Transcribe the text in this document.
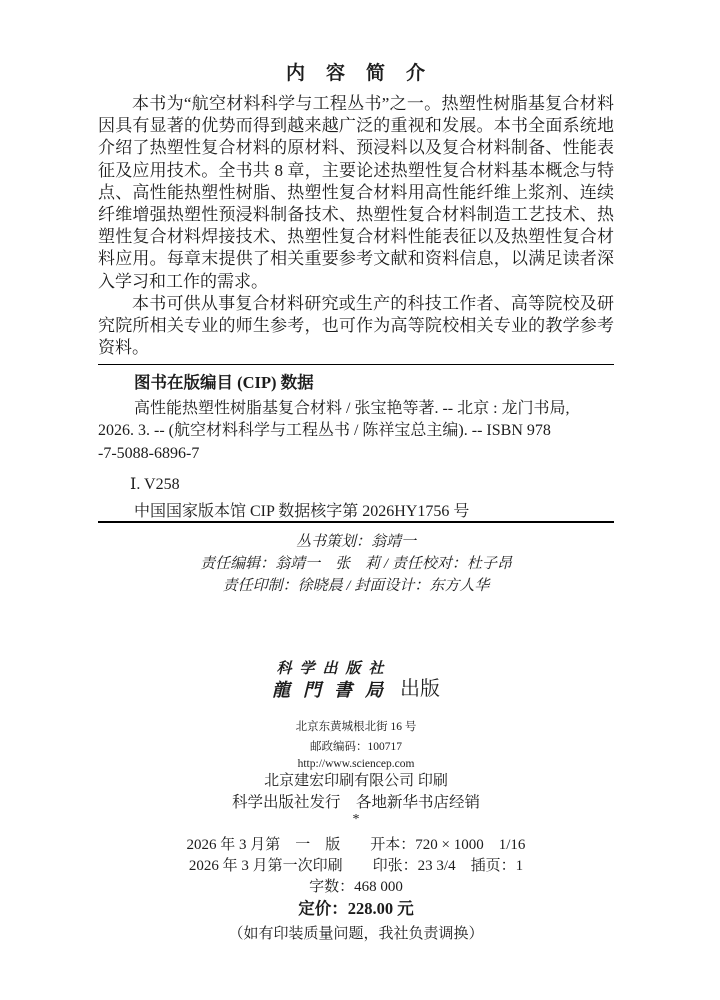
内　容　简　介

本书为“航空材料科学与工程丛书”之一。热塑性树脂基复合材料因具有显著的优势而得到越来越广泛的重视和发展。本书全面系统地介绍了热塑性复合材料的原材料、预浸料以及复合材料制备、性能表征及应用技术。全书共 8 章，主要论述热塑性复合材料基本概念与特点、高性能热塑性树脂、热塑性复合材料用高性能纤维上浆剂、连续纤维增强热塑性预浸料制备技术、热塑性复合材料制造工艺技术、热塑性复合材料焊接技术、热塑性复合材料性能表征以及热塑性复合材料应用。每章末提供了相关重要参考文献和资料信息，以满足读者深入学习和工作的需求。

本书可供从事复合材料研究或生产的科技工作者、高等院校及研究院所相关专业的师生参考，也可作为高等院校相关专业的教学参考资料。

图书在版编目 (CIP) 数据
高性能热塑性树脂基复合材料 / 张宝艳等著. -- 北京 : 龙门书局,
2026. 3. -- (航空材料科学与工程丛书 / 陈祥宝总主编). -- ISBN 978
-7-5088-6896-7
Ⅰ. V258
中国国家版本馆 CIP 数据核字第 2026HY1756 号
丛书策划：翁靖一
责任编辑：翁靖一　张　莉 / 责任校对：杜子昂
责任印制：徐晓晨 / 封面设计：东方人华
科学出版社
龍門書局 出版
北京东黄城根北街 16 号
邮政编码：100717
http://www.sciencep.com
北京建宏印刷有限公司 印刷
科学出版社发行　各地新华书店经销
*
2026 年 3 月第　一　版　　开本：720 × 1000　1/16
2026 年 3 月第一次印刷　　印张：23 3/4　插页：1
字数：468 000
定价：228.00 元
（如有印装质量问题，我社负责调换）
